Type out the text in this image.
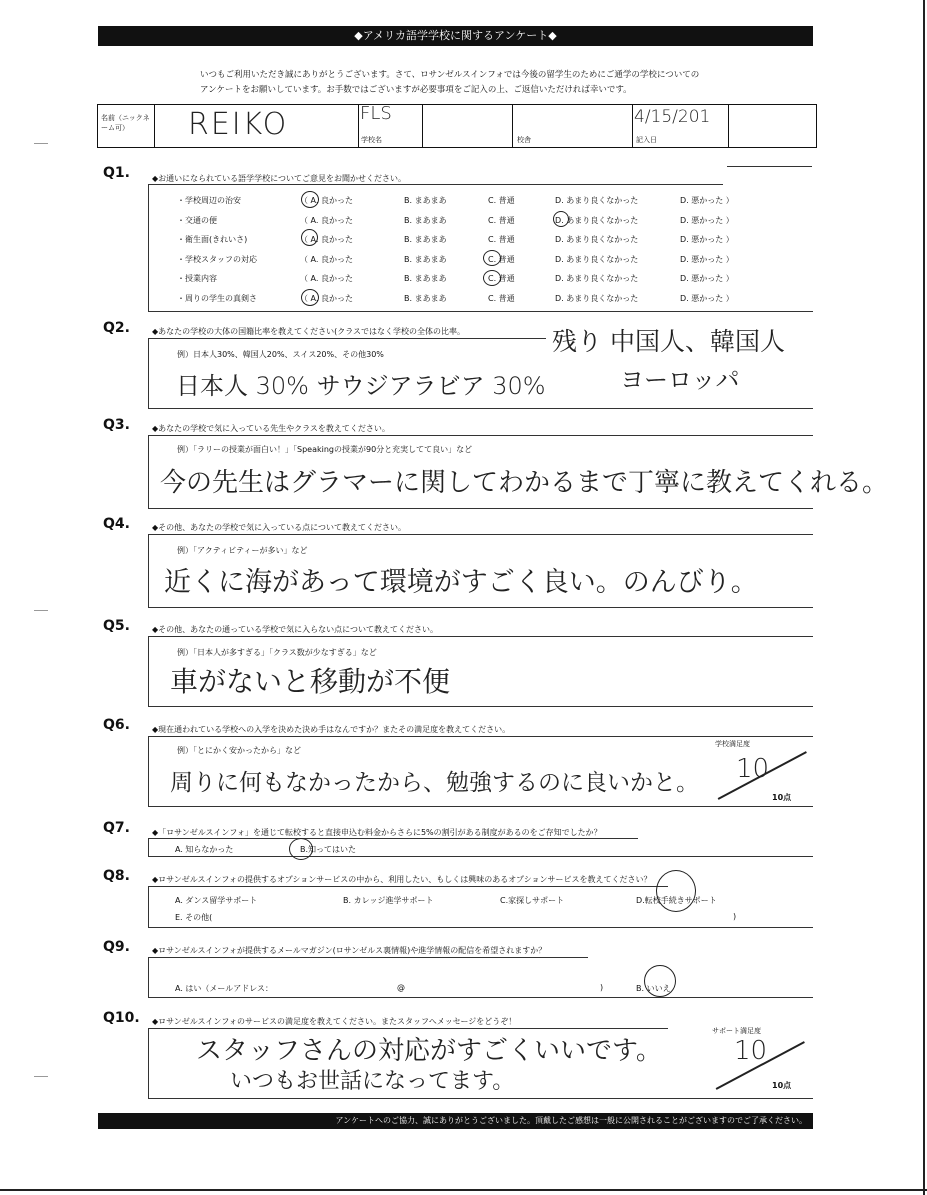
◆アメリカ語学学校に関するアンケート◆
いつもご利用いただき誠にありがとうございます。さて、ロサンゼルスインフォでは今後の留学生のためにご通学の学校についての
アンケートをお願いしています。お手数ではございますが必要事項をご記入の上、ご返信いただければ幸いです。
名前（ニックネーム可）	REIKO	FLS
学校名	校舎
4/15/201
記入日
Q1.	◆お通いになられている語学学校についてご意見をお聞かせください。
・学校周辺の治安	（ A. 良かった	B. まあまあ	C. 普通	D. あまり良くなかった	D. 悪かった ）
・交通の便	（ A. 良かった	B. まあまあ	C. 普通	D. あまり良くなかった	D. 悪かった ）
・衛生面(きれいさ)	（ A. 良かった	B. まあまあ	C. 普通	D. あまり良くなかった	D. 悪かった ）
・学校スタッフの対応	（ A. 良かった	B. まあまあ	C. 普通	D. あまり良くなかった	D. 悪かった ）
・授業内容	（ A. 良かった	B. まあまあ	C. 普通	D. あまり良くなかった	D. 悪かった ）
・周りの学生の真剣さ	（ A. 良かった	B. まあまあ	C. 普通	D. あまり良くなかった	D. 悪かった ）
Q2.	◆あなたの学校の大体の国籍比率を教えてください(クラスではなく学校の全体の比率。
例）日本人30%、韓国人20%、スイス20%、その他30%
日本人 30% サウジアラビア 30%
残り 中国人、韓国人
ヨーロッパ
Q3.	◆あなたの学校で気に入っている先生やクラスを教えてください。
例）「ラリーの授業が面白い！」「Speakingの授業が90分と充実してて良い」など
今の先生はグラマーに関してわかるまで丁寧に教えてくれる。
Q4.	◆その他、あなたの学校で気に入っている点について教えてください。
例）「アクティビティーが多い」など
近くに海があって環境がすごく良い。のんびり。
Q5.	◆その他、あなたの通っている学校で気に入らない点について教えてください。
例）「日本人が多すぎる」「クラス数が少なすぎる」など
車がないと移動が不便
Q6.	◆現在通われている学校への入学を決めた決め手はなんですか？またその満足度を教えてください。
例）「とにかく安かったから」など
周りに何もなかったから、勉強するのに良いかと。
学校満足度
10
10点
Q7.	◆「ロサンゼルスインフォ」を通じて転校すると直接申込む料金からさらに5%の割引がある制度があるのをご存知でしたか？
A. 知らなかった	B.知ってはいた
Q8.	◆ロサンゼルスインフォの提供するオプションサービスの中から、利用したい、もしくは興味のあるオプションサービスを教えてください？
A. ダンス留学サポート	B. カレッジ進学サポート	C.家探しサポート	D.転校手続きサポート
E. その他(	)
Q9.	◆ロサンゼルスインフォが提供するメールマガジン(ロサンゼルス裏情報)や進学情報の配信を希望されますか？
A. はい（メールアドレス：	@	)	B. いいえ
Q10. ◆ロサンゼルスインフォのサービスの満足度を教えてください。またスタッフへメッセージをどうぞ！
スタッフさんの対応がすごくいいです。
いつもお世話になってます。
サポート満足度
10
10点
アンケートへのご協力、誠にありがとうございました。頂戴したご感想は一般に公開されることがございますのでご了承ください。
